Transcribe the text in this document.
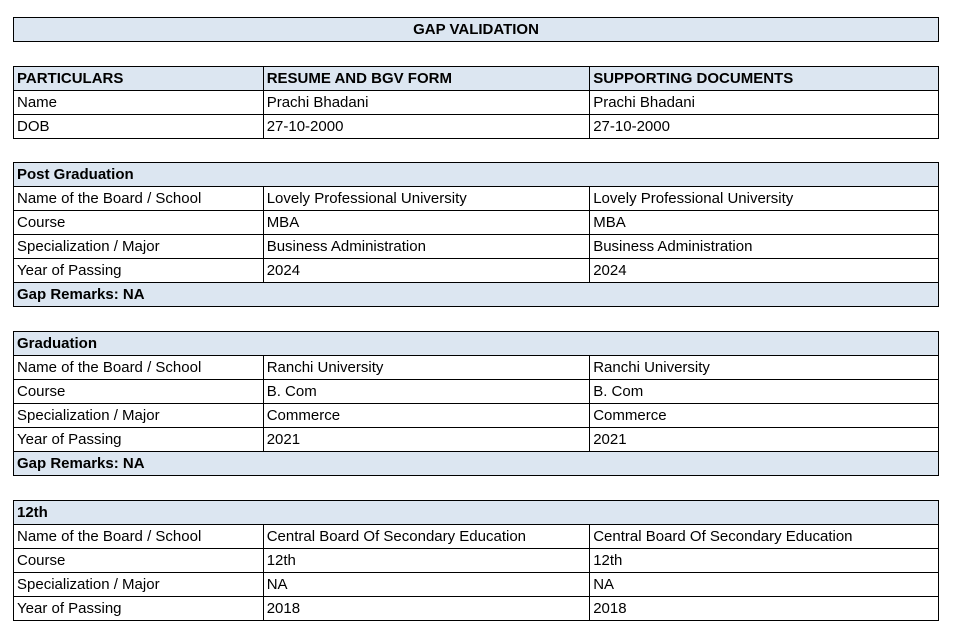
GAP VALIDATION
PARTICULARS	RESUME AND BGV FORM	SUPPORTING DOCUMENTS
Name	Prachi Bhadani	Prachi Bhadani
DOB	27-10-2000	27-10-2000
Post Graduation		
Name of the Board / School	Lovely Professional University	Lovely Professional University
Course	MBA	MBA
Specialization / Major	Business Administration	Business Administration
Year of Passing	2024	2024
Gap Remarks: NA		
Graduation		
Name of the Board / School	Ranchi University	Ranchi University
Course	B. Com	B. Com
Specialization / Major	Commerce	Commerce
Year of Passing	2021	2021
Gap Remarks: NA		
12th		
Name of the Board / School	Central Board Of Secondary Education	Central Board Of Secondary Education
Course	12th	12th
Specialization / Major	NA	NA
Year of Passing	2018	2018
